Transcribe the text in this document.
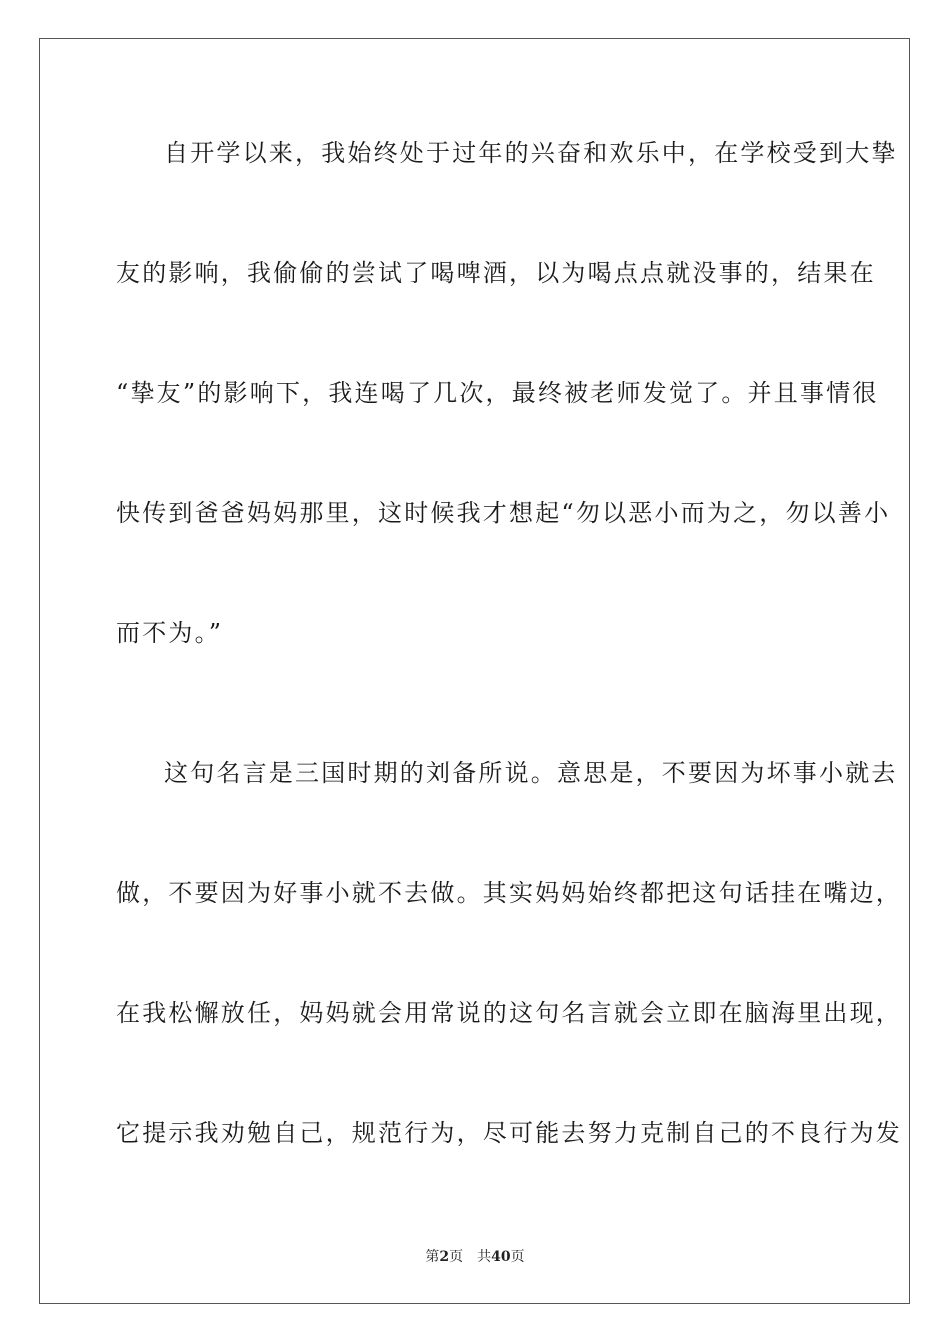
自开学以来，我始终处于过年的兴奋和欢乐中，在学校受到大挚
友的影响，我偷偷的尝试了喝啤酒，以为喝点点就没事的，结果在
“挚友”的影响下，我连喝了几次，最终被老师发觉了。并且事情很
快传到爸爸妈妈那里，这时候我才想起“勿以恶小而为之，勿以善小
而不为。”
这句名言是三国时期的刘备所说。意思是，不要因为坏事小就去
做，不要因为好事小就不去做。其实妈妈始终都把这句话挂在嘴边，
在我松懈放任，妈妈就会用常说的这句名言就会立即在脑海里出现，
它提示我劝勉自己，规范行为，尽可能去努力克制自己的不良行为发
第2页 共40页
